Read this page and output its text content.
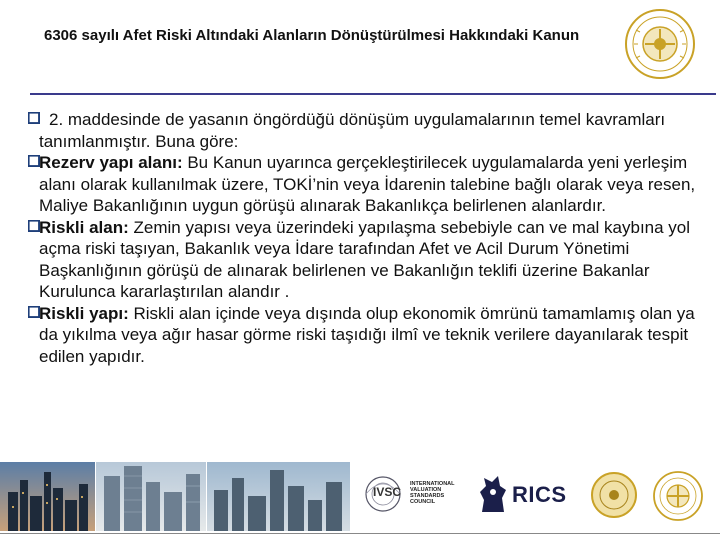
6306 sayılı Afet Riski Altındaki Alanların Dönüştürülmesi Hakkındaki Kanun

2. maddesinde de yasanın öngördüğü dönüşüm uygulamalarının temel kavramları tanımlanmıştır. Buna göre:

Rezerv yapı alanı: Bu Kanun uyarınca gerçekleştirilecek uygulamalarda yeni yerleşim alanı olarak kullanılmak üzere, TOKİ’nin veya İdarenin talebine bağlı olarak veya resen, Maliye Bakanlığının uygun görüşü alınarak Bakanlıkça belirlenen alanlardır.

Riskli alan: Zemin yapısı veya üzerindeki yapılaşma sebebiyle can ve mal kaybına yol açma riski taşıyan, Bakanlık veya İdare tarafından Afet ve Acil Durum Yönetimi Başkanlığının görüşü de alınarak belirlenen ve Bakanlığın teklifi üzerine Bakanlar Kurulunca kararlaştırılan alandır .

Riskli yapı: Riskli alan içinde veya dışında olup ekonomik ömrünü tamamlamış olan ya da yıkılma veya ağır hasar görme riski taşıdığı ilmî ve teknik verilere dayanılarak tespit edilen yapıdır.

IVSC
INTERNATIONAL
VALUATION
STANDARDS
COUNCIL	RICS
